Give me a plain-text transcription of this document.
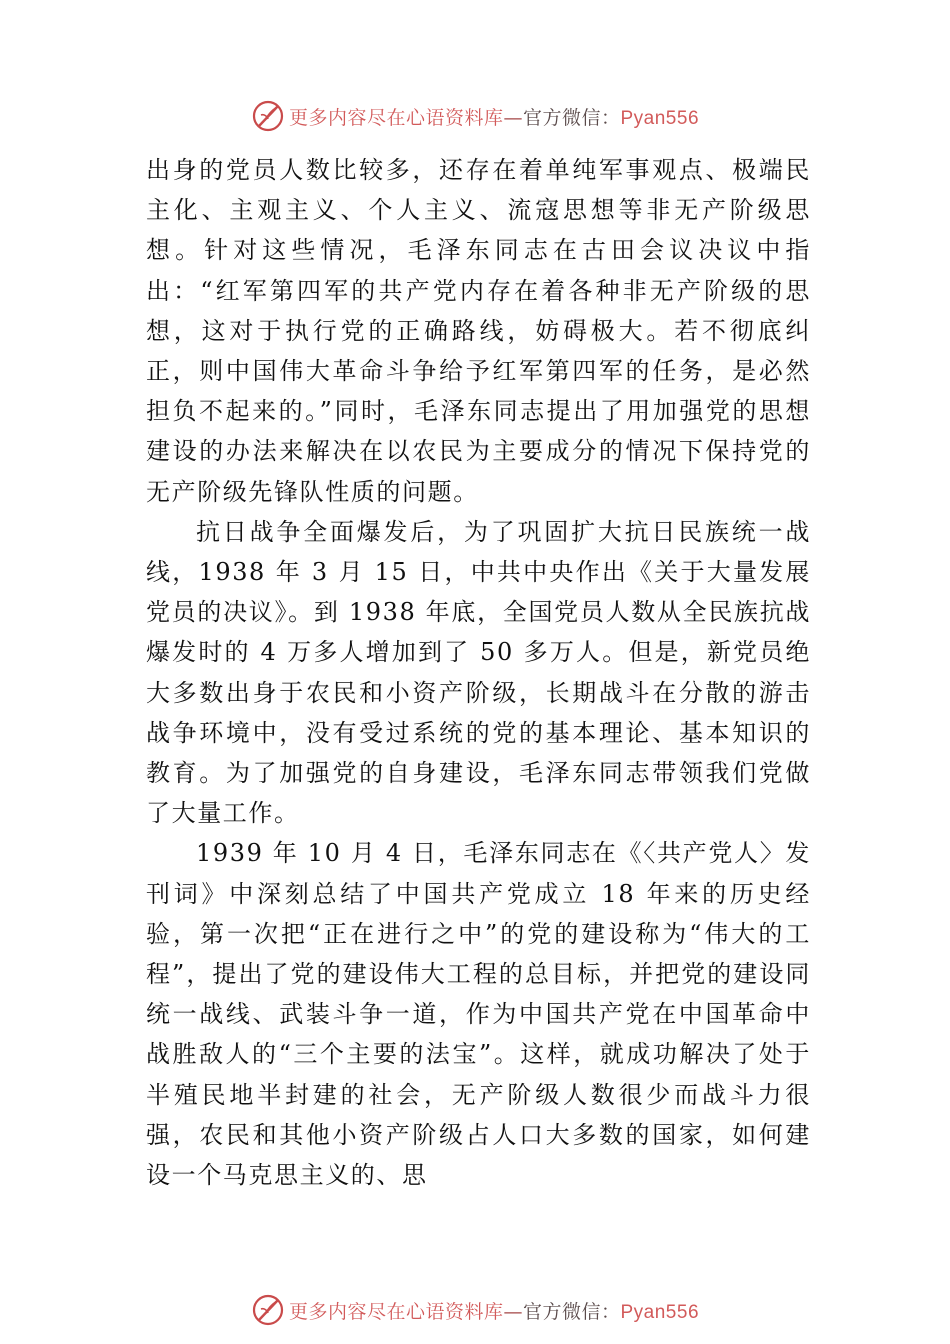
更多内容尽在心语资料库—官方微信：Pyan556

出身的党员人数比较多，还存在着单纯军事观点、极端民主化、主观主义、个人主义、流寇思想等非无产阶级思想。针对这些情况，毛泽东同志在古田会议决议中指出：“红军第四军的共产党内存在着各种非无产阶级的思想，这对于执行党的正确路线，妨碍极大。若不彻底纠正，则中国伟大革命斗争给予红军第四军的任务，是必然担负不起来的。”同时，毛泽东同志提出了用加强党的思想建设的办法来解决在以农民为主要成分的情况下保持党的无产阶级先锋队性质的问题。

抗日战争全面爆发后，为了巩固扩大抗日民族统一战线，1938 年 3 月 15 日，中共中央作出《关于大量发展党员的决议》。到 1938 年底，全国党员人数从全民族抗战爆发时的 4 万多人增加到了 50 多万人。但是，新党员绝大多数出身于农民和小资产阶级，长期战斗在分散的游击战争环境中，没有受过系统的党的基本理论、基本知识的教育。为了加强党的自身建设，毛泽东同志带领我们党做了大量工作。

1939 年 10 月 4 日，毛泽东同志在《〈共产党人〉发刊词》中深刻总结了中国共产党成立 18 年来的历史经验，第一次把“正在进行之中”的党的建设称为“伟大的工程”，提出了党的建设伟大工程的总目标，并把党的建设同统一战线、武装斗争一道，作为中国共产党在中国革命中战胜敌人的“三个主要的法宝”。这样，就成功解决了处于半殖民地半封建的社会，无产阶级人数很少而战斗力很强，农民和其他小资产阶级占人口大多数的国家，如何建设一个马克思主义的、思

更多内容尽在心语资料库—官方微信：Pyan556
